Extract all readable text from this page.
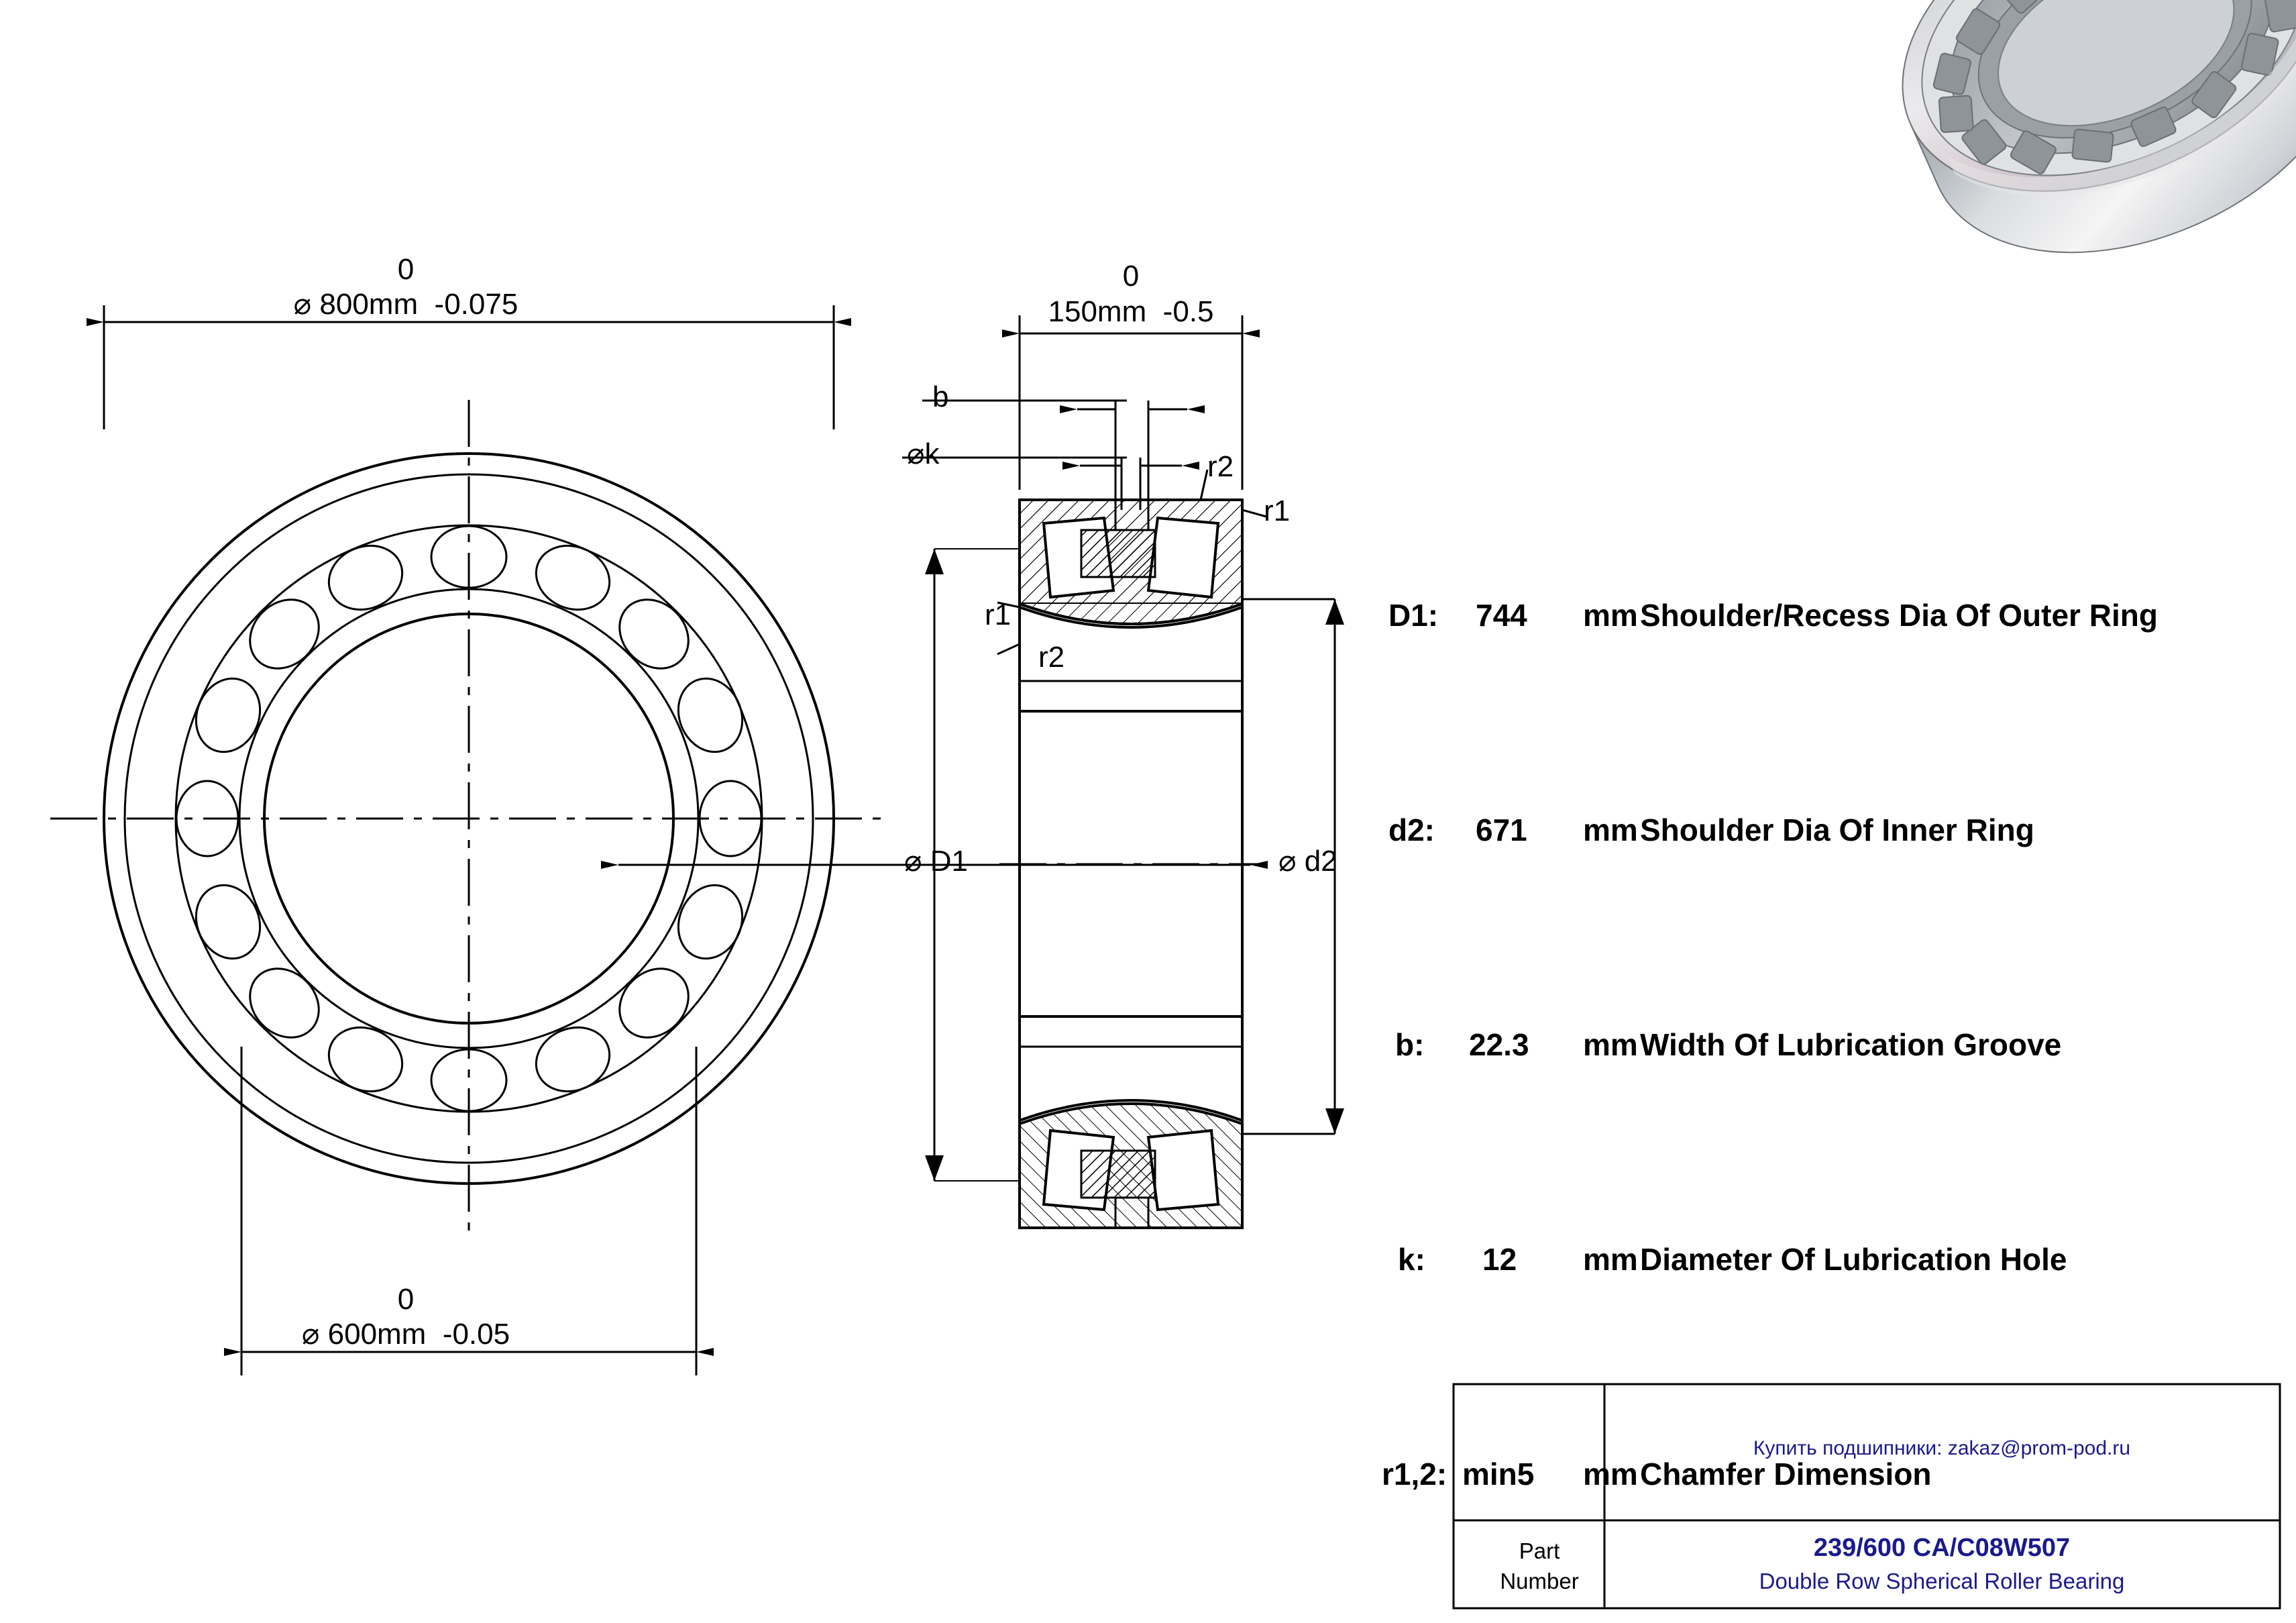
0
⌀ 800mm  -0.075
0
⌀ 600mm  -0.05
0
150mm  -0.5
b
⌀k	r2
r1
r1
r2
⌀ D1	⌀ d2
D1: 744 mm Shoulder/Recess Dia Of Outer Ring
d2: 671 mm Shoulder Dia Of Inner Ring
b: 22.3 mm Width Of Lubrication Groove
k: 12 mm Diameter Of Lubrication Hole
r1,2: min5 mm Chamfer Dimension
Купить подшипники: zakaz@prom-pod.ru
Part
Number
239/600 CA/C08W507
Double Row Spherical Roller Bearing
